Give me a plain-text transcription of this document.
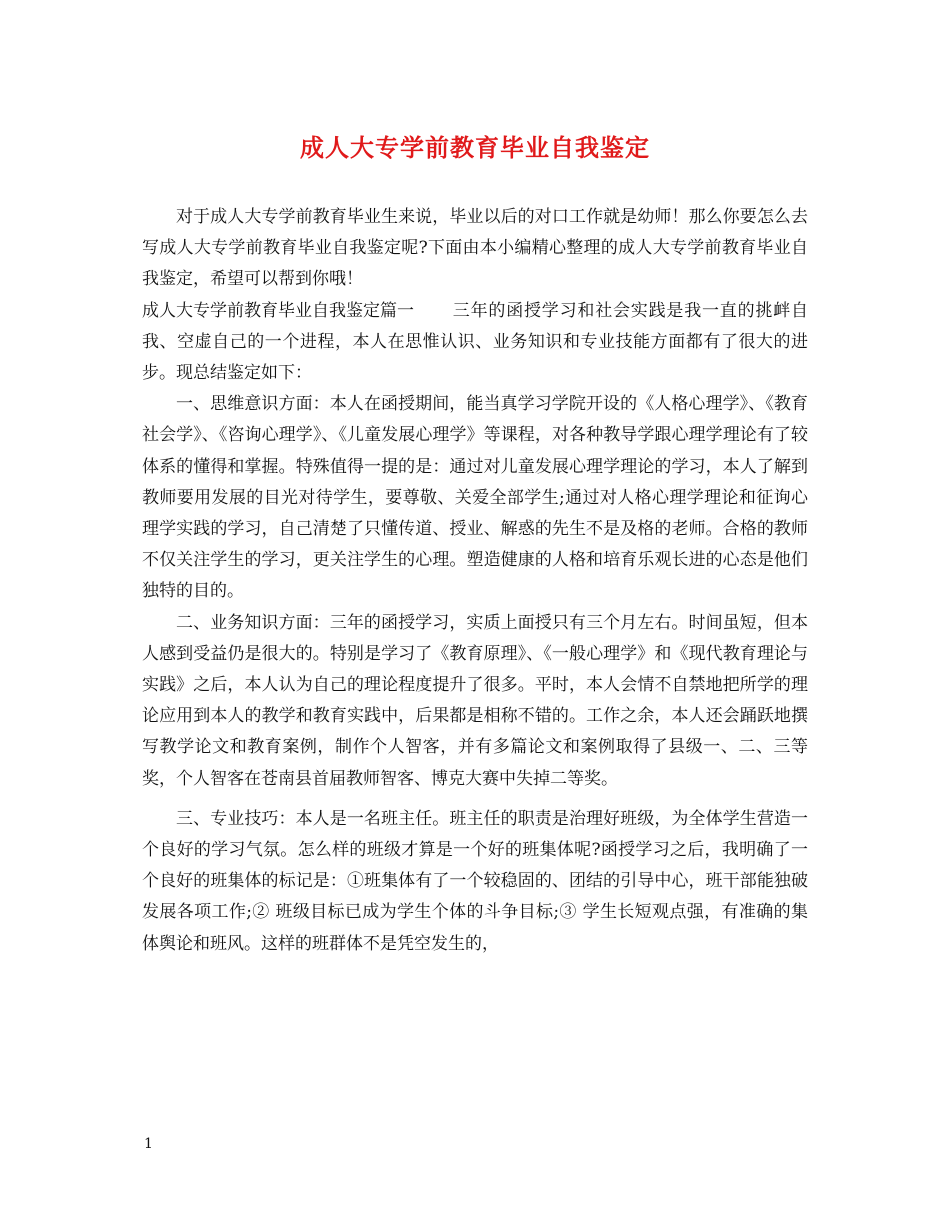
成人大专学前教育毕业自我鉴定

对于成人大专学前教育毕业生来说，毕业以后的对口工作就是幼师！那么你要怎么去写成人大专学前教育毕业自我鉴定呢?下面由本小编精心整理的成人大专学前教育毕业自我鉴定，希望可以帮到你哦！

成人大专学前教育毕业自我鉴定篇一 三年的函授学习和社会实践是我一直的挑衅自我、空虚自己的一个进程，本人在思惟认识、业务知识和专业技能方面都有了很大的进步。现总结鉴定如下：

一、思维意识方面：本人在函授期间，能当真学习学院开设的《人格心理学》、《教育社会学》、《咨询心理学》、《儿童发展心理学》等课程，对各种教导学跟心理学理论有了较体系的懂得和掌握。特殊值得一提的是：通过对儿童发展心理学理论的学习，本人了解到教师要用发展的目光对待学生，要尊敬、关爱全部学生;通过对人格心理学理论和征询心理学实践的学习，自己清楚了只懂传道、授业、解惑的先生不是及格的老师。合格的教师不仅关注学生的学习，更关注学生的心理。塑造健康的人格和培育乐观长进的心态是他们独特的目的。

二、业务知识方面：三年的函授学习，实质上面授只有三个月左右。时间虽短，但本人感到受益仍是很大的。特别是学习了《教育原理》、《一般心理学》和《现代教育理论与实践》之后，本人认为自己的理论程度提升了很多。平时，本人会情不自禁地把所学的理论应用到本人的教学和教育实践中，后果都是相称不错的。工作之余，本人还会踊跃地撰写教学论文和教育案例，制作个人智客，并有多篇论文和案例取得了县级一、二、三等奖，个人智客在苍南县首届教师智客、博克大赛中失掉二等奖。

三、专业技巧：本人是一名班主任。班主任的职责是治理好班级，为全体学生营造一个良好的学习气氛。怎么样的班级才算是一个好的班集体呢?函授学习之后，我明确了一个良好的班集体的标记是：①班集体有了一个较稳固的、团结的引导中心，班干部能独破发展各项工作;② 班级目标已成为学生个体的斗争目标;③ 学生长短观点强，有准确的集体舆论和班风。这样的班群体不是凭空发生的，

1
